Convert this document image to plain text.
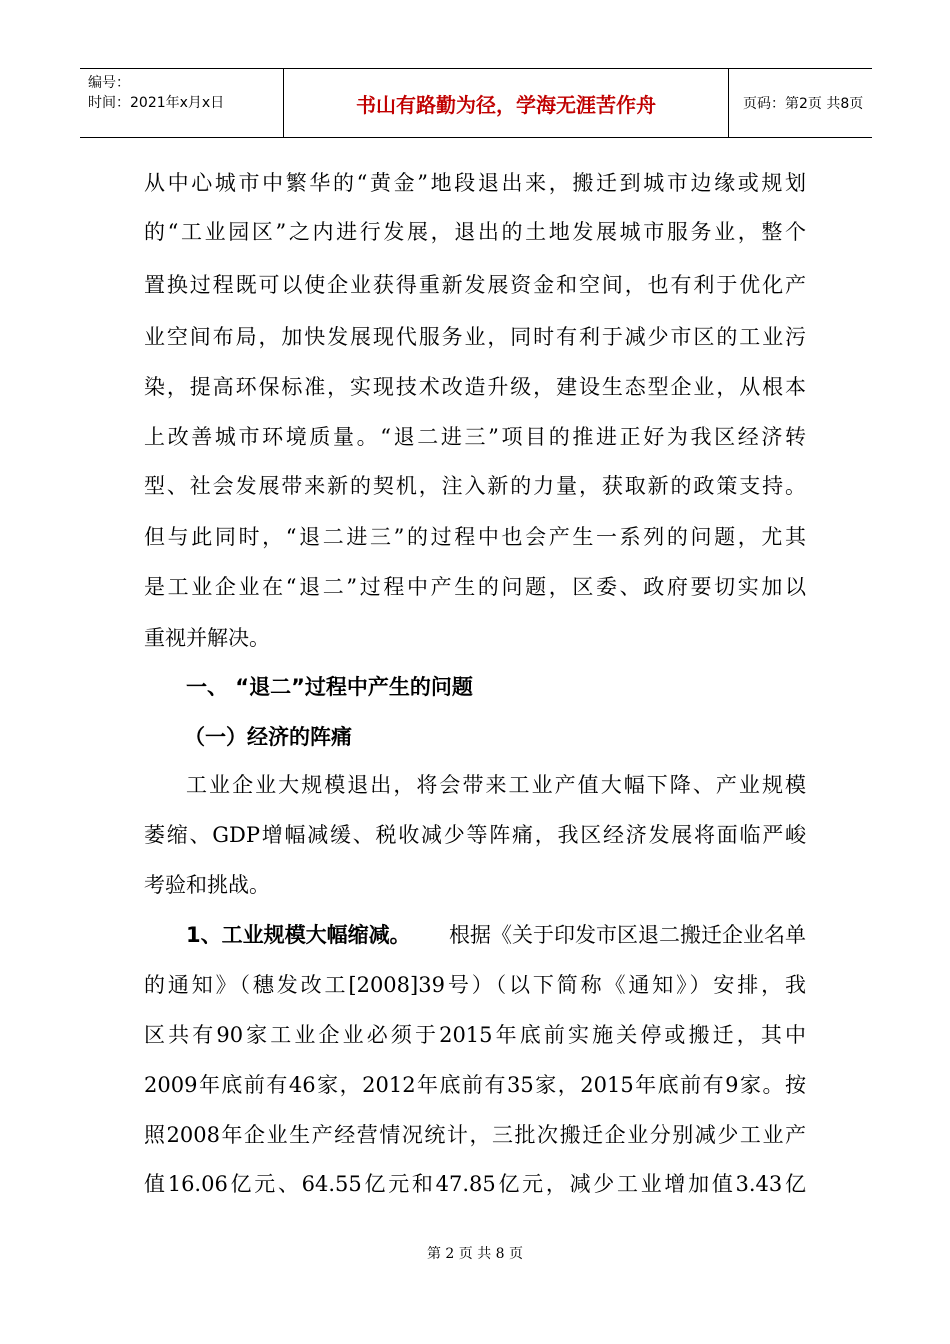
编号：
时间：2021年x月x日	书山有路勤为径，学海无涯苦作舟	页码：第2页 共8页
从中心城市中繁华的“黄金”地段退出来，搬迁到城市边缘或规划
的“工业园区”之内进行发展，退出的土地发展城市服务业，整个
置换过程既可以使企业获得重新发展资金和空间，也有利于优化产
业空间布局，加快发展现代服务业，同时有利于减少市区的工业污
染，提高环保标准，实现技术改造升级，建设生态型企业，从根本
上改善城市环境质量。“退二进三”项目的推进正好为我区经济转
型、社会发展带来新的契机，注入新的力量，获取新的政策支持。
但与此同时，“退二进三”的过程中也会产生一系列的问题，尤其
是工业企业在“退二”过程中产生的问题，区委、政府要切实加以
重视并解决。
一、 “退二”过程中产生的问题
（一）经济的阵痛
工业企业大规模退出，将会带来工业产值大幅下降、产业规模
萎缩、GDP增幅减缓、税收减少等阵痛，我区经济发展将面临严峻
考验和挑战。
1、工业规模大幅缩减。 根据《关于印发市区退二搬迁企业名单
的通知》（穗发改工[2008]39号）（以下简称《通知》）安排，我
区共有90家工业企业必须于2015年底前实施关停或搬迁，其中
2009年底前有46家，2012年底前有35家，2015年底前有9家。按
照2008年企业生产经营情况统计，三批次搬迁企业分别减少工业产
值16.06亿元、64.55亿元和47.85亿元，减少工业增加值3.43亿
第 2 页 共 8 页
